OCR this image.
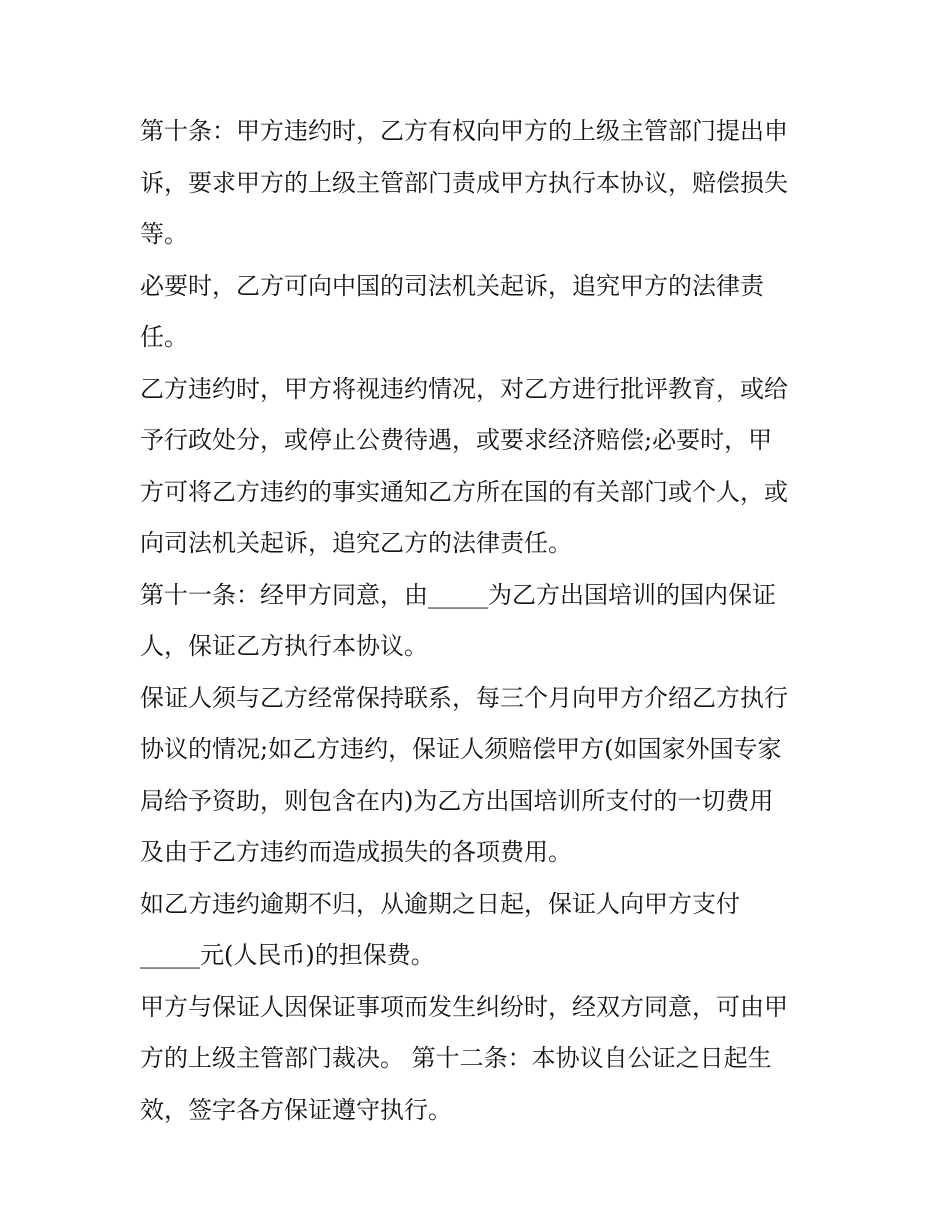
第十条：甲方违约时，乙方有权向甲方的上级主管部门提出申

诉，要求甲方的上级主管部门责成甲方执行本协议，赔偿损失

等。

必要时，乙方可向中国的司法机关起诉，追究甲方的法律责

任。

乙方违约时，甲方将视违约情况，对乙方进行批评教育，或给

予行政处分，或停止公费待遇，或要求经济赔偿;必要时，甲

方可将乙方违约的事实通知乙方所在国的有关部门或个人，或

向司法机关起诉，追究乙方的法律责任。

第十一条：经甲方同意，由_____为乙方出国培训的国内保证

人，保证乙方执行本协议。

保证人须与乙方经常保持联系，每三个月向甲方介绍乙方执行

协议的情况;如乙方违约，保证人须赔偿甲方(如国家外国专家

局给予资助，则包含在内)为乙方出国培训所支付的一切费用

及由于乙方违约而造成损失的各项费用。

如乙方违约逾期不归，从逾期之日起，保证人向甲方支付

_____元(人民币)的担保费。

甲方与保证人因保证事项而发生纠纷时，经双方同意，可由甲

方的上级主管部门裁决。 第十二条：本协议自公证之日起生

效，签字各方保证遵守执行。
